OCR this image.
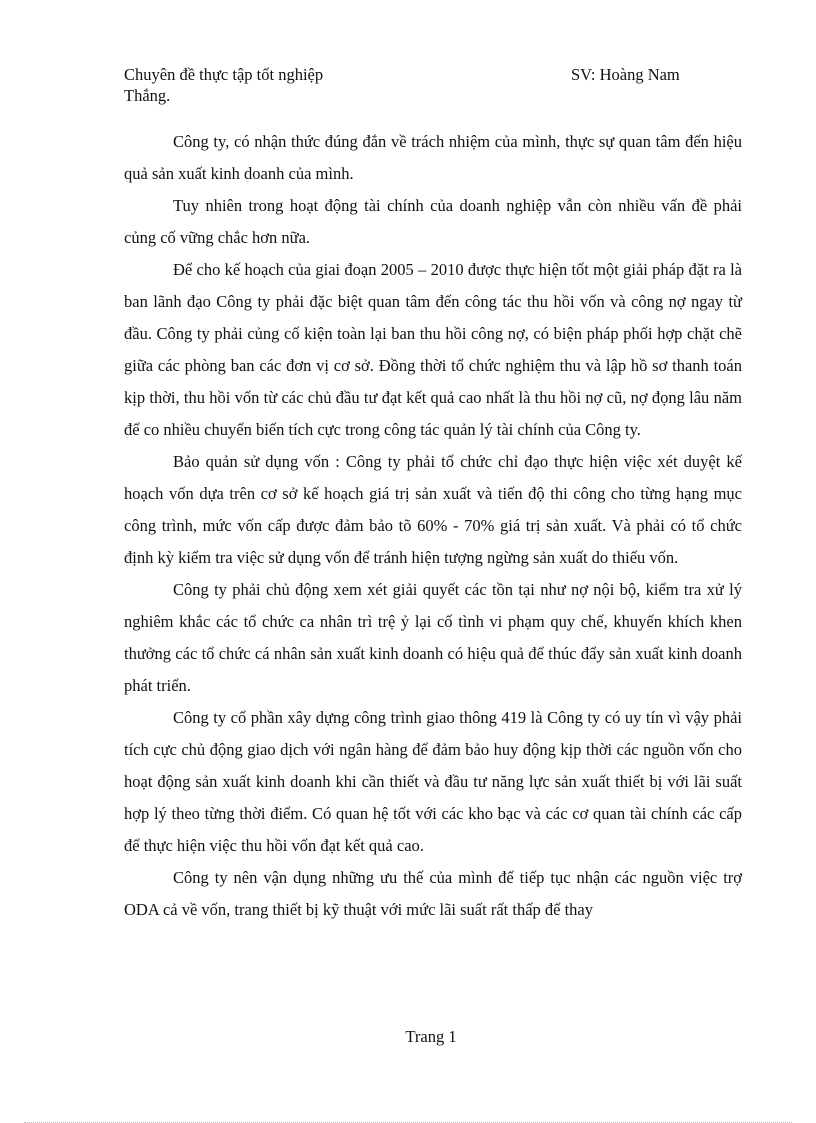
Chuyên đề thực tập tốt nghiệp
Thắng.
SV: Hoàng Nam

Công ty, có nhận thức đúng đắn về trách nhiệm của mình, thực sự quan tâm đến hiệu quả sản xuất kinh doanh của mình.

Tuy nhiên trong hoạt động tài chính của doanh nghiệp vẫn còn nhiều vấn đề phải củng cố vững chắc hơn nữa.

Để cho kế hoạch của giai đoạn 2005 – 2010 được thực hiện tốt một giải pháp đặt ra là ban lãnh đạo Công ty phải đặc biệt quan tâm đến công tác thu hồi vốn và công nợ ngay từ đầu. Công ty phải củng cố kiện toàn lại ban thu hồi công nợ, có biện pháp phối hợp chặt chẽ giữa các phòng ban các đơn vị cơ sở. Đồng thời tổ chức nghiệm thu và lập hồ sơ thanh toán kịp thời, thu hồi vốn từ các chủ đầu tư đạt kết quả cao nhất là thu hồi nợ cũ, nợ đọng lâu năm để co nhiều chuyển biến tích cực trong công tác quản lý tài chính của Công ty.

Bảo quản sử dụng vốn : Công ty phải tổ chức chỉ đạo thực hiện việc xét duyệt kế hoạch vốn dựa trên cơ sở kế hoạch giá trị sản xuất và tiến độ thi công cho từng hạng mục công trình, mức vốn cấp được đảm bảo tõ 60% - 70% giá trị sản xuất. Và phải có tổ chức định kỳ kiểm tra việc sử dụng vốn để tránh hiện tượng ngừng sản xuất do thiếu vốn.

Công ty phải chủ động xem xét giải quyết các tồn tại như nợ nội bộ, kiểm tra xử lý nghiêm khắc các tổ chức ca nhân trì trệ ỷ lại cố tình vi phạm quy chế, khuyến khích khen thưởng các tổ chức cá nhân sản xuất kinh doanh có hiệu quả để thúc đẩy sản xuất kinh doanh phát triển.

Công ty cổ phần xây dựng công trình giao thông 419 là Công ty có uy tín vì vậy phải tích cực chủ động giao dịch với ngân hàng để đảm bảo huy động kịp thời các nguồn vốn cho hoạt động sản xuất kinh doanh khi cần thiết và đầu tư năng lực sản xuất thiết bị với lãi suất hợp lý theo từng thời điểm. Có quan hệ tốt với các kho bạc và các cơ quan tài chính các cấp để thực hiện việc thu hồi vốn đạt kết quả cao.

Công ty nên vận dụng những ưu thế của mình để tiếp tục nhận các nguồn việc trợ ODA cả về vốn, trang thiết bị kỹ thuật với mức lãi suất rất thấp để thay

Trang 1
